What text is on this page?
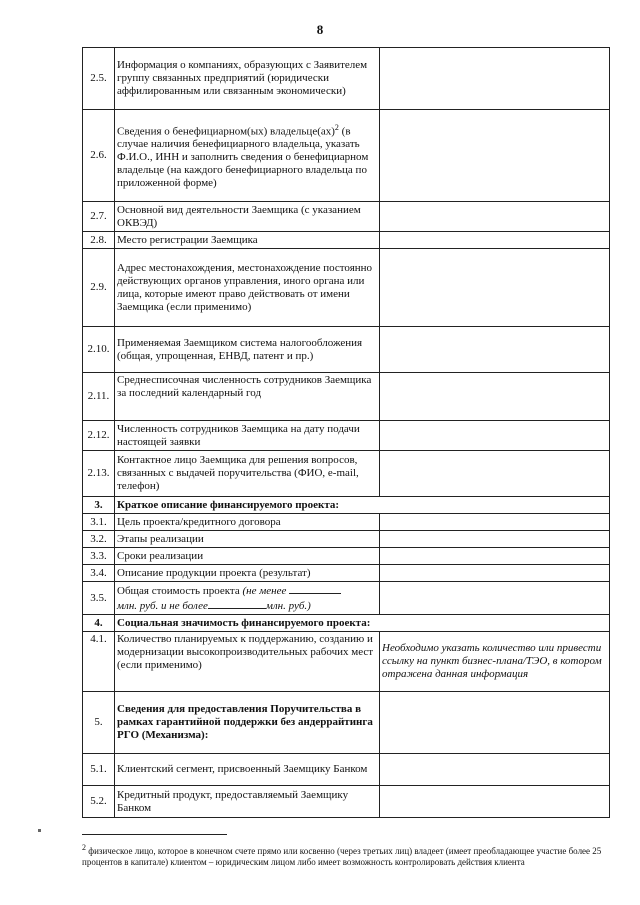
8
2.5.	Информация о компаниях, образующих с Заявителем группу связанных предприятий (юридически аффилированным или связанным экономически)	
2.6.	Сведения о бенефициарном(ых) владельце(ах)$^2$ (в случае наличия бенефициарного владельца, указать Ф.И.О., ИНН и заполнить сведения о бенефициарном владельце (на каждого бенефициарного владельца по приложенной форме)	
2.7.	Основной вид деятельности Заемщика (с указанием ОКВЭД)	
2.8.	Место регистрации Заемщика	
2.9.	Адрес местонахождения, местонахождение постоянно действующих органов управления, иного органа или лица, которые имеют право действовать от имени Заемщика (если применимо)	
2.10.	Применяемая Заемщиком система налогообложения (общая, упрощенная, ЕНВД, патент и пр.)	
2.11.	Среднесписочная численность сотрудников Заемщика за последний календарный год	
2.12.	Численность сотрудников Заемщика на дату подачи настоящей заявки	
2.13.	Контактное лицо Заемщика для решения вопросов, связанных с выдачей поручительства (ФИО, e-mail, телефон)	
3.	Краткое описание финансируемого проекта:	
3.1.	Цель проекта/кредитного договора	
3.2.	Этапы реализации	
3.3.	Сроки реализации	
3.4.	Описание продукции проекта (результат)	
3.5.	Общая стоимость проекта (не менее
млн. руб. и не более млн. руб.)	
4.	Социальная значимость финансируемого проекта:	
4.1.	Количество планируемых к поддержанию, созданию и модернизации высокопроизводительных рабочих мест (если применимо)	Необходимо указать количество или привести ссылку на пункт бизнес-плана/ТЭО, в котором отражена данная информация
5.	Сведения для предоставления Поручительства в рамках гарантийной поддержки без андеррайтинга РГО (Механизма):	
5.1.	Клиентский сегмент, присвоенный Заемщику Банком	
5.2.	Кредитный продукт, предоставляемый Заемщику Банком	
$^2$ физическое лицо, которое в конечном счете прямо или косвенно (через третьих лиц) владеет (имеет преобладающее участие более 25 процентов в капитале) клиентом – юридическим лицом либо имеет возможность контролировать действия клиента
